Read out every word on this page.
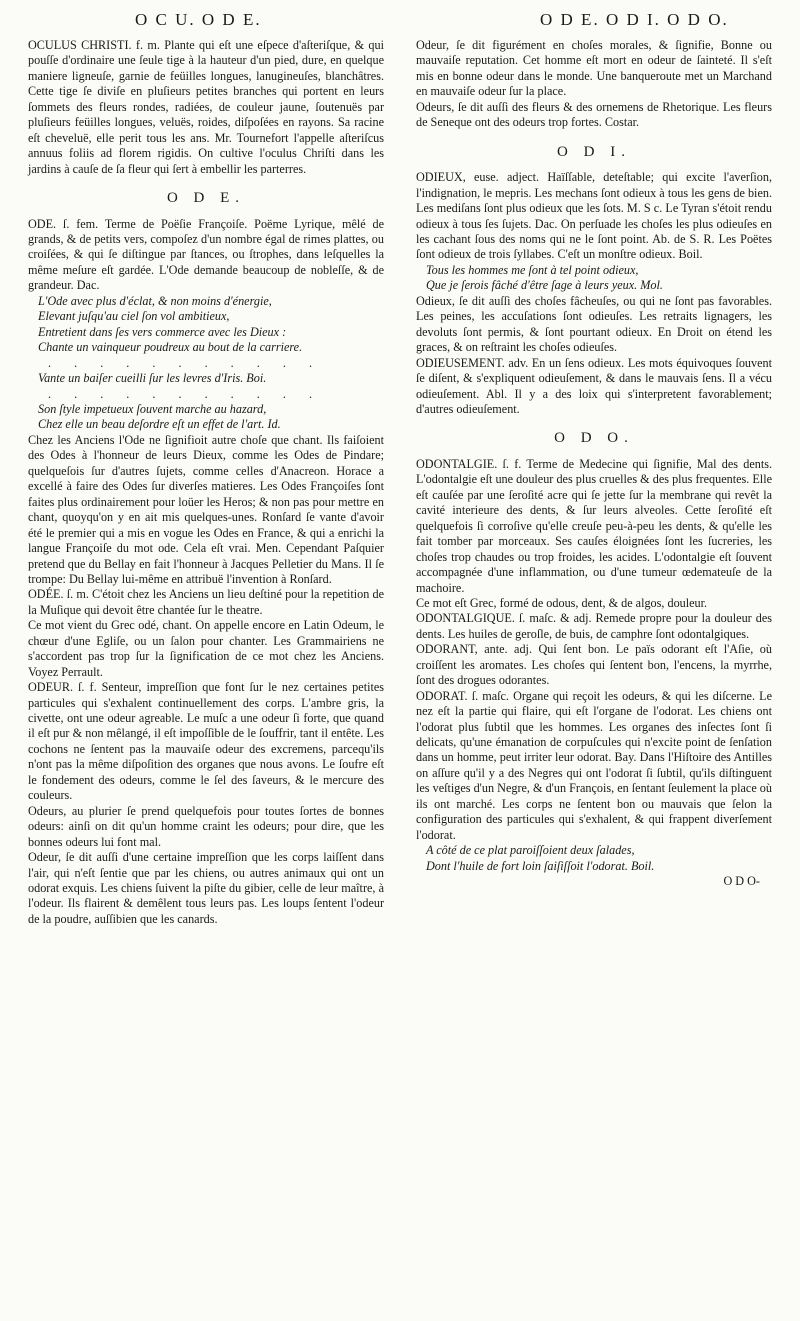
O C U. O D E.	O D E. O D I. O D O.

OCULUS CHRISTI. f. m. Plante qui eſt une eſpece d'aſteriſque, & qui pouſſe d'ordinaire une ſeule tige à la hauteur d'un pied, dure, en quelque maniere ligneuſe, garnie de feüilles longues, lanugineuſes, blanchâtres. Cette tige ſe diviſe en pluſieurs petites branches qui portent en leurs ſommets des fleurs rondes, radiées, de couleur jaune, ſoutenuës par pluſieurs feüilles longues, veluës, roides, diſpoſées en rayons. Sa racine eſt cheveluë, elle perit tous les ans. Mr. Tournefort l'appelle aſteriſcus annuus foliis ad florem rigidis. On cultive l'oculus Chriſti dans les jardins à cauſe de ſa fleur qui ſert à embellir les parterres.

O D E.

ODE. ſ. fem. Terme de Poëſie Françoiſe. Poëme Lyrique, mêlé de grands, & de petits vers, compoſez d'un nombre égal de rimes plattes, ou croiſées, & qui ſe diſtingue par ſtances, ou ſtrophes, dans leſquelles la même meſure eſt gardée. L'Ode demande beaucoup de nobleſſe, & de grandeur. Dac.

L'Ode avec plus d'éclat, & non moins d'énergie,

Elevant juſqu'au ciel ſon vol ambitieux,

Entretient dans ſes vers commerce avec les Dieux :

Chante un vainqueur poudreux au bout de la carriere.

. . . . . . . . . . .

Vante un baiſer cueilli ſur les levres d'Iris. Boi.

. . . . . . . . . . .

Son ſtyle impetueux ſouvent marche au hazard,

Chez elle un beau deſordre eſt un effet de l'art. Id.

Chez les Anciens l'Ode ne ſignifioit autre choſe que chant. Ils faiſoient des Odes à l'honneur de leurs Dieux, comme les Odes de Pindare; quelqueſois ſur d'autres ſujets, comme celles d'Anacreon. Horace a excellé à faire des Odes ſur diverſes matieres. Les Odes Françoiſes ſont faites plus ordinairement pour loüer les Heros; & non pas pour mettre en chant, quoyqu'on y en ait mis quelques-unes. Ronſard ſe vante d'avoir été le premier qui a mis en vogue les Odes en France, & qui a enrichi la langue Françoiſe du mot ode. Cela eſt vrai. Men. Cependant Paſquier pretend que du Bellay en fait l'honneur à Jacques Pelletier du Mans. Il ſe trompe: Du Bellay lui-même en attribuë l'invention à Ronſard.

ODÉE. ſ. m. C'étoit chez les Anciens un lieu deſtiné pour la repetition de la Muſique qui devoit être chantée ſur le theatre.

Ce mot vient du Grec odé, chant. On appelle encore en Latin Odeum, le chœur d'une Egliſe, ou un ſalon pour chanter. Les Grammairiens ne s'accordent pas trop ſur la ſignification de ce mot chez les Anciens. Voyez Perrault.

ODEUR. ſ. f. Senteur, impreſſion que font ſur le nez certaines petites particules qui s'exhalent continuellement des corps. L'ambre gris, la civette, ont une odeur agreable. Le muſc a une odeur ſi forte, que quand il eſt pur & non mêlangé, il eſt impoſſible de le ſouffrir, tant il entête. Les cochons ne ſentent pas la mauvaiſe odeur des excremens, parcequ'ils n'ont pas la même diſpoſition des organes que nous avons. Le ſoufre eſt le fondement des odeurs, comme le ſel des ſaveurs, & le mercure des couleurs.

Odeurs, au plurier ſe prend quelquefois pour toutes ſortes de bonnes odeurs: ainſi on dit qu'un homme craint les odeurs; pour dire, que les bonnes odeurs lui font mal.

Odeur, ſe dit auſſi d'une certaine impreſſion que les corps laiſſent dans l'air, qui n'eſt ſentie que par les chiens, ou autres animaux qui ont un odorat exquis. Les chiens ſuivent la piſte du gibier, celle de leur maître, à l'odeur. Ils flairent & demêlent tous leurs pas. Les loups ſentent l'odeur de la poudre, auſſibien que les canards.

Odeur, ſe dit figurément en choſes morales, & ſignifie, Bonne ou mauvaiſe reputation. Cet homme eſt mort en odeur de ſainteté. Il s'eſt mis en bonne odeur dans le monde. Une banqueroute met un Marchand en mauvaiſe odeur ſur la place.

Odeurs, ſe dit auſſi des fleurs & des ornemens de Rhetorique. Les fleurs de Seneque ont des odeurs trop fortes. Costar.

O D I.

ODIEUX, euse. adject. Haïſſable, deteſtable; qui excite l'averſion, l'indignation, le mepris. Les mechans ſont odieux à tous les gens de bien. Les mediſans ſont plus odieux que les ſots. M. S c. Le Tyran s'étoit rendu odieux à tous ſes ſujets. Dac. On perſuade les choſes les plus odieuſes en les cachant ſous des noms qui ne le ſont point. Ab. de S. R. Les Poëtes ſont odieux de trois ſyllabes. C'eſt un monſtre odieux. Boil.

Tous les hommes me ſont à tel point odieux,

Que je ſerois fâché d'être ſage à leurs yeux. Mol.

Odieux, ſe dit auſſi des choſes fâcheuſes, ou qui ne ſont pas favorables. Les peines, les accuſations ſont odieuſes. Les retraits lignagers, les devoluts ſont permis, & ſont pourtant odieux. En Droit on étend les graces, & on reſtraint les choſes odieuſes.

ODIEUSEMENT. adv. En un ſens odieux. Les mots équivoques ſouvent ſe diſent, & s'expliquent odieuſement, & dans le mauvais ſens. Il a vécu odieuſement. Abl. Il y a des loix qui s'interpretent favorablement; d'autres odieuſement.

O D O.

ODONTALGIE. ſ. f. Terme de Medecine qui ſignifie, Mal des dents. L'odontalgie eſt une douleur des plus cruelles & des plus frequentes. Elle eſt cauſée par une ſeroſité acre qui ſe jette ſur la membrane qui revêt la cavité interieure des dents, & ſur leurs alveoles. Cette ſeroſité eſt quelquefois ſi corroſive qu'elle creuſe peu-à-peu les dents, & qu'elle les fait tomber par morceaux. Ses cauſes éloignées ſont les ſucreries, les choſes trop chaudes ou trop froides, les acides. L'odontalgie eſt ſouvent accompagnée d'une inflammation, ou d'une tumeur œdemateuſe de la machoire.

Ce mot eſt Grec, formé de odous, dent, & de algos, douleur.

ODONTALGIQUE. ſ. maſc. & adj. Remede propre pour la douleur des dents. Les huiles de geroſle, de buis, de camphre ſont odontalgiques.

ODORANT, ante. adj. Qui ſent bon. Le païs odorant eſt l'Aſie, où croiſſent les aromates. Les choſes qui ſentent bon, l'encens, la myrrhe, ſont des drogues odorantes.

ODORAT. ſ. maſc. Organe qui reçoit les odeurs, & qui les diſcerne. Le nez eſt la partie qui flaire, qui eſt l'organe de l'odorat. Les chiens ont l'odorat plus ſubtil que les hommes. Les organes des inſectes ſont ſi delicats, qu'une émanation de corpuſcules qui n'excite point de ſenſation dans un homme, peut irriter leur odorat. Bay. Dans l'Hiſtoire des Antilles on aſſure qu'il y a des Negres qui ont l'odorat ſi ſubtil, qu'ils diſtinguent les veſtiges d'un Negre, & d'un François, en ſentant ſeulement la place où ils ont marché. Les corps ne ſentent bon ou mauvais que ſelon la configuration des particules qui s'exhalent, & qui frappent diverſement l'odorat.

A côté de ce plat paroiſſoient deux ſalades,

Dont l'huile de fort loin ſaiſiſſoit l'odorat. Boil.

O D O-
